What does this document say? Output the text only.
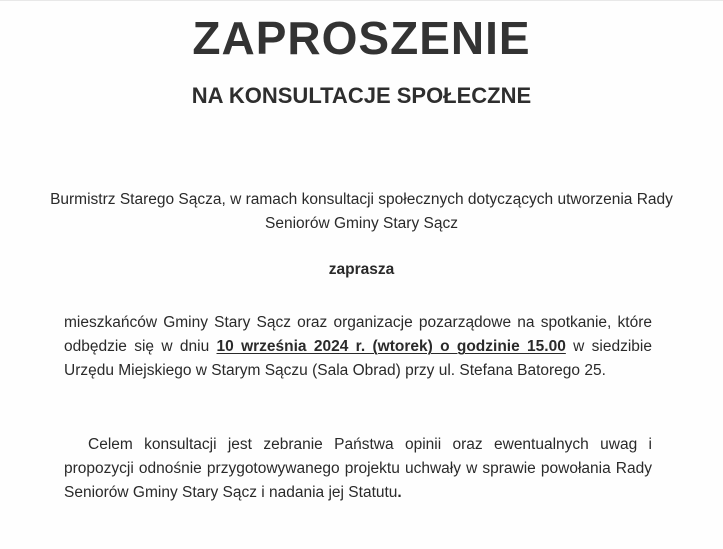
ZAPROSZENIE
NA KONSULTACJE SPOŁECZNE
Burmistrz Starego Sącza, w ramach konsultacji społecznych dotyczących utworzenia Rady Seniorów Gminy Stary Sącz
zaprasza
mieszkańców Gminy Stary Sącz oraz organizacje pozarządowe na spotkanie, które odbędzie się w dniu 10 września 2024 r. (wtorek) o godzinie 15.00 w siedzibie Urzędu Miejskiego w Starym Sączu (Sala Obrad) przy ul. Stefana Batorego 25.
Celem konsultacji jest zebranie Państwa opinii oraz ewentualnych uwag i propozycji odnośnie przygotowywanego projektu uchwały w sprawie powołania Rady Seniorów Gminy Stary Sącz i nadania jej Statutu.
